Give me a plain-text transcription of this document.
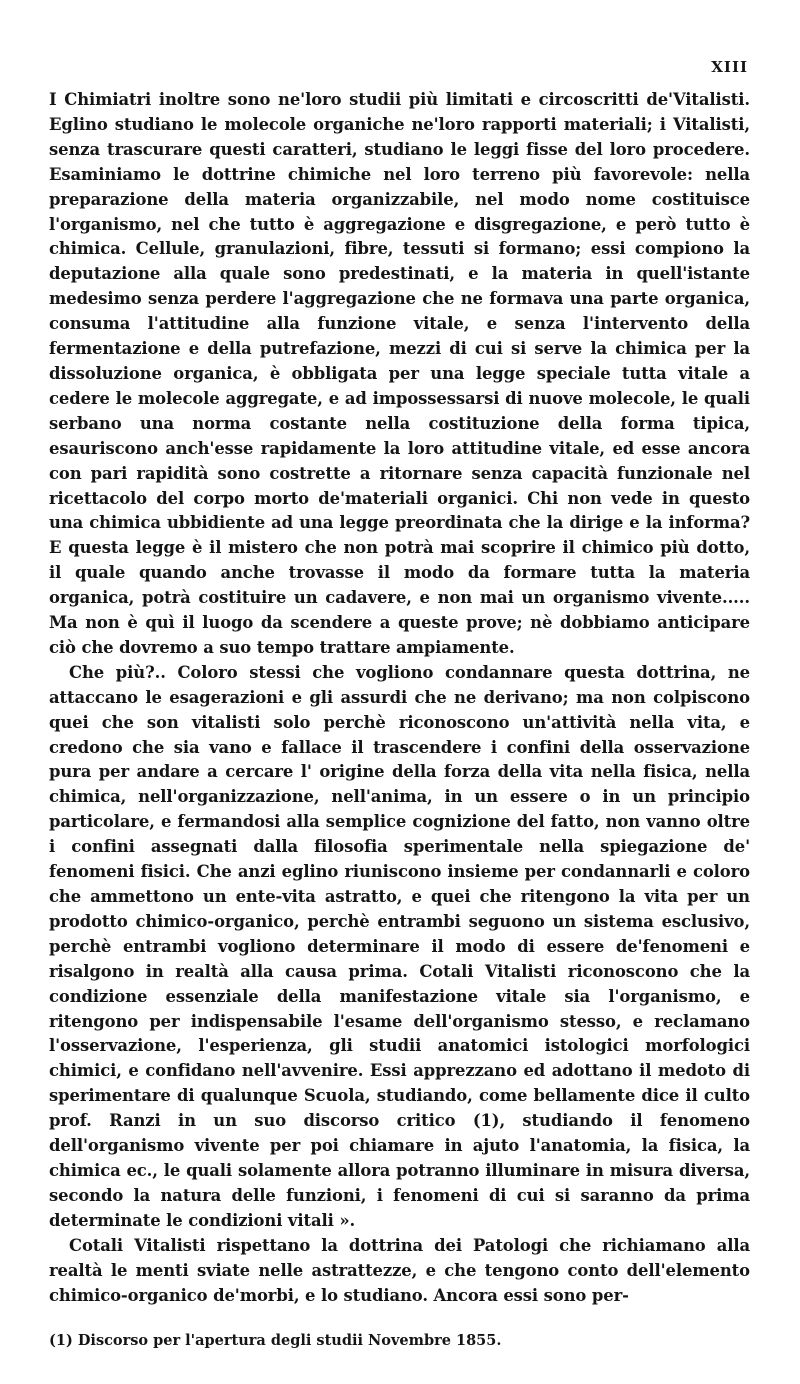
XIII

I Chimiatri inoltre sono ne'loro studii più limitati e circoscritti de'Vitalisti. Eglino studiano le molecole organiche ne'loro rapporti materiali; i Vitalisti, senza trascurare questi caratteri, studiano le leggi fisse del loro procedere. Esaminiamo le dottrine chimiche nel loro terreno più favorevole: nella preparazione della materia organizzabile, nel modo nome costituisce l'organismo, nel che tutto è aggregazione e disgregazione, e però tutto è chimica. Cellule, granulazioni, fibre, tessuti si formano; essi compiono la deputazione alla quale sono predestinati, e la materia in quell'istante medesimo senza perdere l'aggregazione che ne formava una parte organica, consuma l'attitudine alla funzione vitale, e senza l'intervento della fermentazione e della putrefazione, mezzi di cui si serve la chimica per la dissoluzione organica, è obbligata per una legge speciale tutta vitale a cedere le molecole aggregate, e ad impossessarsi di nuove molecole, le quali serbano una norma costante nella costituzione della forma tipica, esauriscono anch'esse rapidamente la loro attitudine vitale, ed esse ancora con pari rapidità sono costrette a ritornare senza capacità funzionale nel ricettacolo del corpo morto de'materiali organici. Chi non vede in questo una chimica ubbidiente ad una legge preordinata che la dirige e la informa? E questa legge è il mistero che non potrà mai scoprire il chimico più dotto, il quale quando anche trovasse il modo da formare tutta la materia organica, potrà costituire un cadavere, e non mai un organismo vivente..... Ma non è quì il luogo da scendere a queste prove; nè dobbiamo anticipare ciò che dovremo a suo tempo trattare ampiamente.

Che più?.. Coloro stessi che vogliono condannare questa dottrina, ne attaccano le esagerazioni e gli assurdi che ne derivano; ma non colpiscono quei che son vitalisti solo perchè riconoscono un'attività nella vita, e credono che sia vano e fallace il trascendere i confini della osservazione pura per andare a cercare l' origine della forza della vita nella fisica, nella chimica, nell'organizzazione, nell'anima, in un essere o in un principio particolare, e fermandosi alla semplice cognizione del fatto, non vanno oltre i confini assegnati dalla filosofia sperimentale nella spiegazione de' fenomeni fisici. Che anzi eglino riuniscono insieme per condannarli e coloro che ammettono un ente-vita astratto, e quei che ritengono la vita per un prodotto chimico-organico, perchè entrambi seguono un sistema esclusivo, perchè entrambi vogliono determinare il modo di essere de'fenomeni e risalgono in realtà alla causa prima. Cotali Vitalisti riconoscono che la condizione essenziale della manifestazione vitale sia l'organismo, e ritengono per indispensabile l'esame dell'organismo stesso, e reclamano l'osservazione, l'esperienza, gli studii anatomici istologici morfologici chimici, e confidano nell'avvenire. Essi apprezzano ed adottano il medoto di sperimentare di qualunque Scuola, studiando, come bellamente dice il culto prof. Ranzi in un suo discorso critico (1), studiando il fenomeno dell'organismo vivente per poi chiamare in ajuto l'anatomia, la fisica, la chimica ec., le quali solamente allora potranno illuminare in misura diversa, secondo la natura delle funzioni, i fenomeni di cui si saranno da prima determinate le condizioni vitali ».

Cotali Vitalisti rispettano la dottrina dei Patologi che richiamano alla realtà le menti sviate nelle astrattezze, e che tengono conto dell'elemento chimico-organico de'morbi, e lo studiano. Ancora essi sono per-

(1) Discorso per l'apertura degli studii Novembre 1855.
